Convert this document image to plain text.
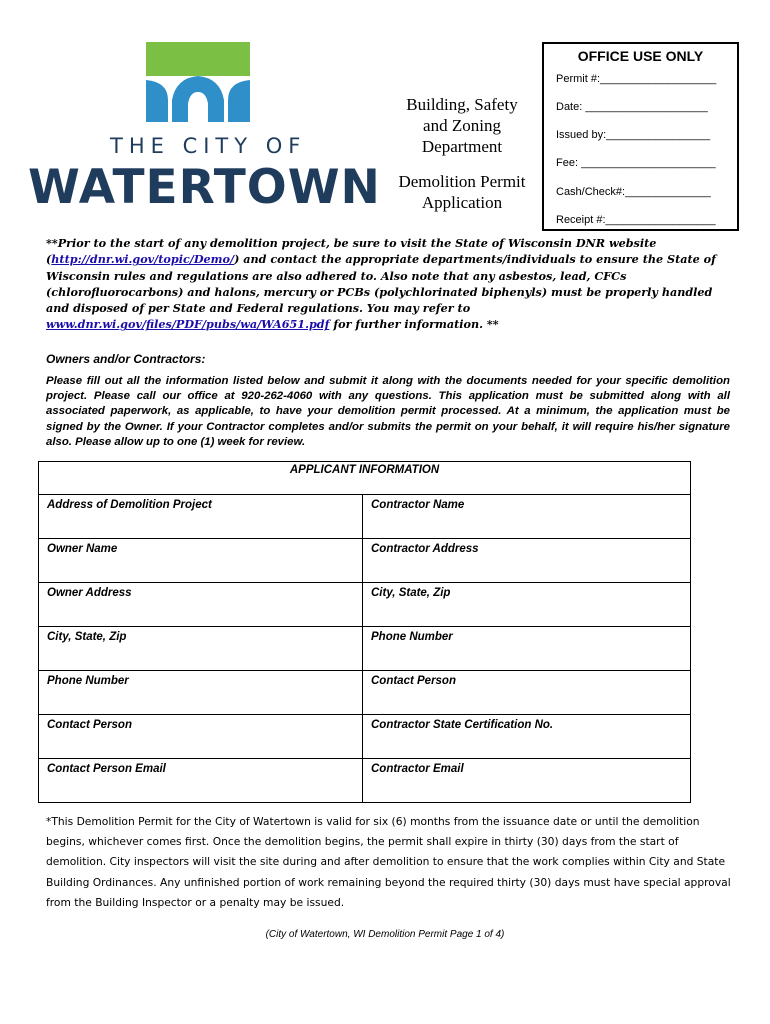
THE CITY OF
WATERTOWN
Building, Safety
and Zoning
Department
Demolition Permit
Application
OFFICE USE ONLY
Permit #:___________________
Date: ____________________
Issued by:_________________
Fee: ______________________
Cash/Check#:______________
Receipt #:__________________
**Prior to the start of any demolition project, be sure to visit the State of Wisconsin DNR website (http://dnr.wi.gov/topic/Demo/) and contact the appropriate departments/individuals to ensure the State of Wisconsin rules and regulations are also adhered to. Also note that any asbestos, lead, CFCs (chlorofluorocarbons) and halons, mercury or PCBs (polychlorinated biphenyls) must be properly handled and disposed of per State and Federal regulations. You may refer to www.dnr.wi.gov/files/PDF/pubs/wa/WA651.pdf for further information. **
Owners and/or Contractors:
Please fill out all the information listed below and submit it along with the documents needed for your specific demolition project. Please call our office at 920-262-4060 with any questions. This application must be submitted along with all associated paperwork, as applicable, to have your demolition permit processed. At a minimum, the application must be signed by the Owner. If your Contractor completes and/or submits the permit on your behalf, it will require his/her signature also. Please allow up to one (1) week for review.
APPLICANT INFORMATION	
Address of Demolition Project	Contractor Name
Owner Name	Contractor Address
Owner Address	City, State, Zip
City, State, Zip	Phone Number
Phone Number	Contact Person
Contact Person	Contractor State Certification No.
Contact Person Email	Contractor Email
*This Demolition Permit for the City of Watertown is valid for six (6) months from the issuance date or until the demolition begins, whichever comes first. Once the demolition begins, the permit shall expire in thirty (30) days from the start of demolition. City inspectors will visit the site during and after demolition to ensure that the work complies within City and State Building Ordinances. Any unfinished portion of work remaining beyond the required thirty (30) days must have special approval from the Building Inspector or a penalty may be issued.
(City of Watertown, WI Demolition Permit Page 1 of 4)
